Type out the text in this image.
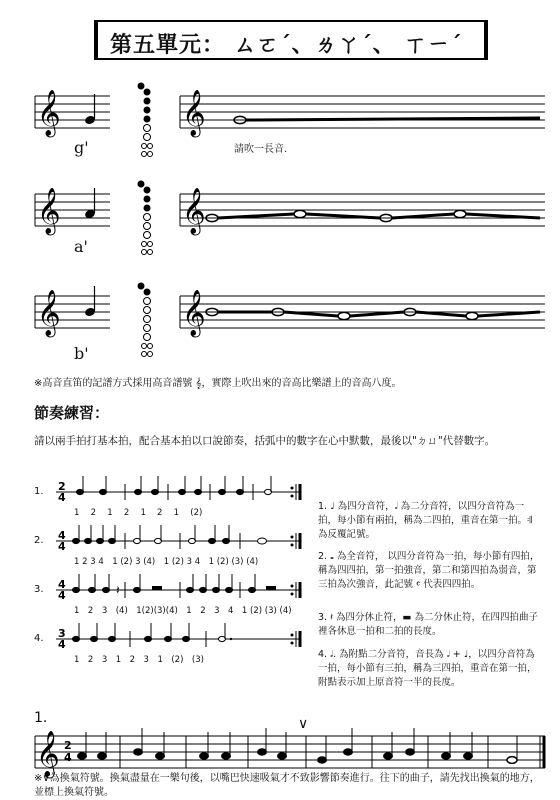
第五單元： ㄙㄛˊ、ㄌㄚˊ、 ㄒㄧˊ
𝄞	𝄞
𝄞	𝄞
𝄞	𝄞
g'
a'
b'
請吹一長音.
※高音直笛的記譜方式採用高音譜號 𝄞，實際上吹出來的音高比樂譜上的音高八度。
節奏練習：
請以兩手拍打基本拍，配合基本拍以口說節奏，括弧中的數字在心中默數，最後以"ㄉㄩ"代替數字。
2
4
4
4
4
4
3
4
𝄽
1.
2.
3.
4.
1　 2　 1　 2　 1　 2　 1　 (2)
1 2 3 4　1 (2) 3 (4)　1 (2) 3 4　1 (2) (3) (4)
1　2　3　(4)　1(2)(3)(4)　1　2　3　4　1 (2) (3) (4)
1　2　3　1　2　3　1　(2)　(3)
1. ♩ 為四分音符，𝅗𝅥 為二分音符，以四分音符為一拍，每小節有兩拍，稱為二四拍，重音在第一拍。𝄇 為反覆記號。
2. 𝅝 為全音符， 以四分音符為一拍，每小節有四拍，稱為四四拍，第一拍強音，第二和第四拍為弱音，第三拍為次強音，此記號 𝄴 代表四四拍。
3. 𝄽 為四分休止符，▬ 為二分休止符，在四四拍曲子裡各休息一拍和二拍的長度。
4. 𝅗𝅥. 為附點二分音符，音長為 𝅗𝅥 + ♩，以四分音符為一拍，每小節有三拍，稱為三四拍，重音在第一拍，附點表示加上原音符一半的長度。
1.
𝄞 2
4
∨
※∨為換氣符號。換氣盡量在一樂句後，以嘴巴快速吸氣才不致影響節奏進行。往下的曲子，請先找出換氣的地方，並標上換氣符號。
